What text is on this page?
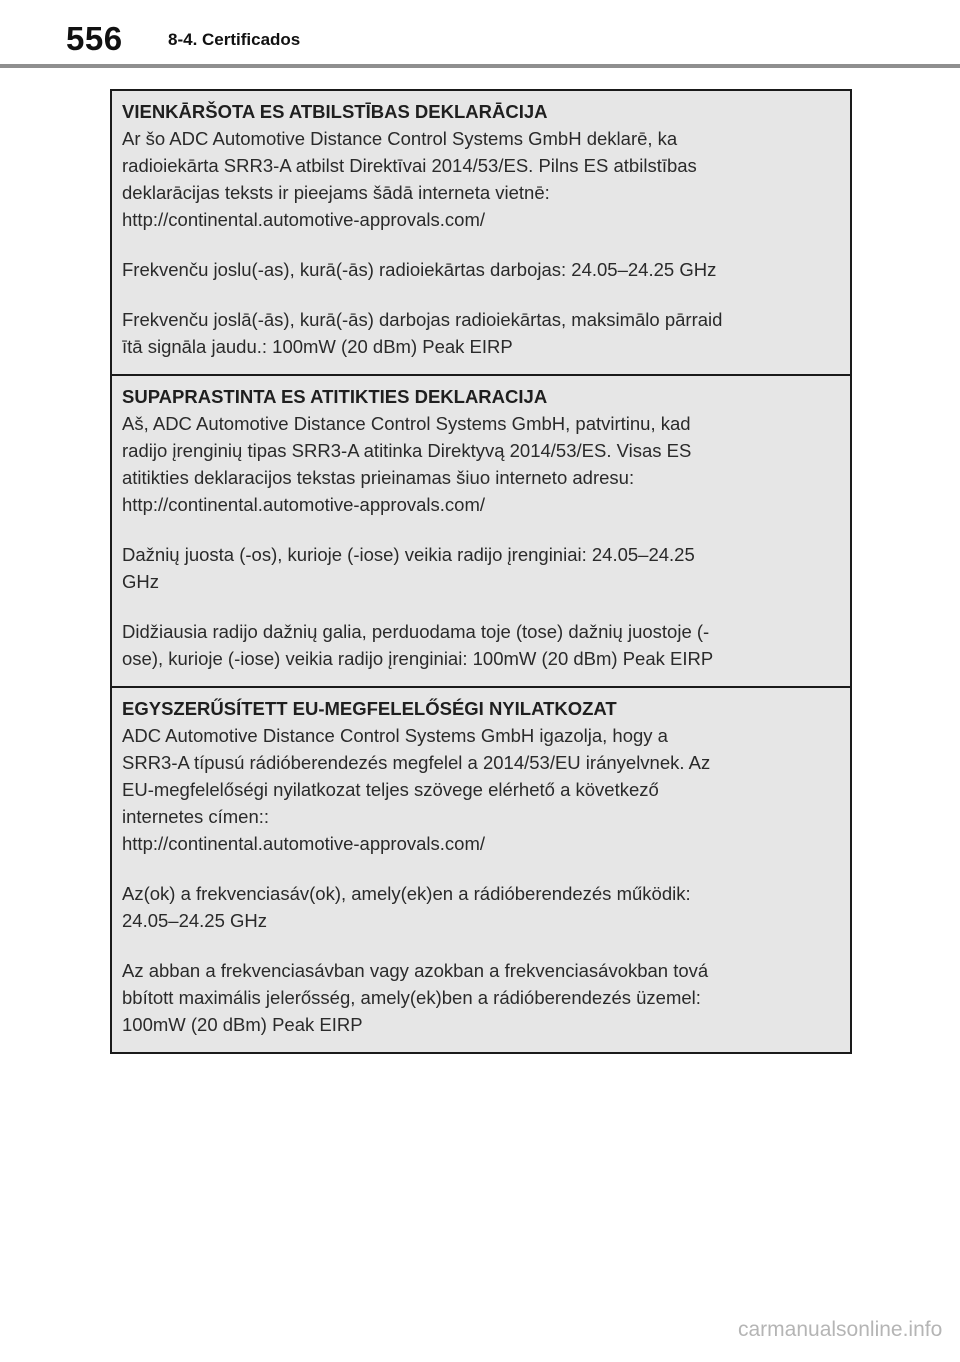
556	8-4. Certificados
VIENKĀRŠOTA ES ATBILSTĪBAS DEKLARĀCIJA
Ar šo ADC Automotive Distance Control Systems GmbH deklarē, ka
radioiekārta SRR3-A atbilst Direktīvai 2014/53/ES. Pilns ES atbilstības
deklarācijas teksts ir pieejams šādā interneta vietnē:
http://continental.automotive-approvals.com/
Frekvenču joslu(-as), kurā(-ās) radioiekārtas darbojas: 24.05–24.25 GHz
Frekvenču joslā(-ās), kurā(-ās) darbojas radioiekārtas, maksimālo pārraid
ītā signāla jaudu.: 100mW (20 dBm) Peak EIRP
SUPAPRASTINTA ES ATITIKTIES DEKLARACIJA
Aš, ADC Automotive Distance Control Systems GmbH, patvirtinu, kad
radijo įrenginių tipas SRR3-A atitinka Direktyvą 2014/53/ES. Visas ES
atitikties deklaracijos tekstas prieinamas šiuo interneto adresu:
http://continental.automotive-approvals.com/
Dažnių juosta (-os), kurioje (-iose) veikia radijo įrenginiai: 24.05–24.25
GHz
Didžiausia radijo dažnių galia, perduodama toje (tose) dažnių juostoje (-
ose), kurioje (-iose) veikia radijo įrenginiai: 100mW (20 dBm) Peak EIRP
EGYSZERŰSÍTETT EU-MEGFELELŐSÉGI NYILATKOZAT
ADC Automotive Distance Control Systems GmbH igazolja, hogy a
SRR3-A típusú rádióberendezés megfelel a 2014/53/EU irányelvnek. Az
EU-megfelelőségi nyilatkozat teljes szövege elérhető a következő
internetes címen::
http://continental.automotive-approvals.com/
Az(ok) a frekvenciasáv(ok), amely(ek)en a rádióberendezés működik:
24.05–24.25 GHz
Az abban a frekvenciasávban vagy azokban a frekvenciasávokban tová
bbított maximális jelerősség, amely(ek)ben a rádióberendezés üzemel:
100mW (20 dBm) Peak EIRP
carmanualsonline.info
